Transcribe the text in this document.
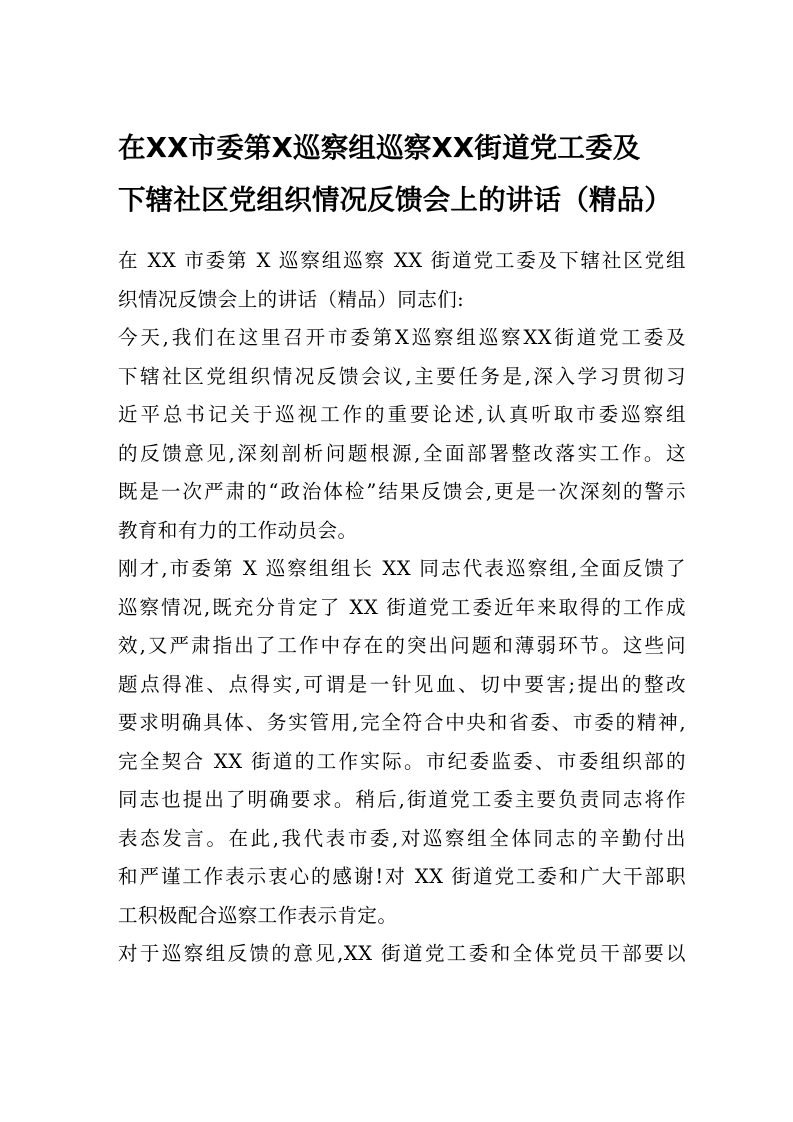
在XX市委第X巡察组巡察XX街道党工委及
下辖社区党组织情况反馈会上的讲话（精品）

在 XX 市委第 X 巡察组巡察 XX 街道党工委及下辖社区党组
织情况反馈会上的讲话（精品）同志们:

今天,我们在这里召开市委第X巡察组巡察XX街道党工委及
下辖社区党组织情况反馈会议,主要任务是,深入学习贯彻习
近平总书记关于巡视工作的重要论述,认真听取市委巡察组
的反馈意见,深刻剖析问题根源,全面部署整改落实工作。这
既是一次严肃的“政治体检”结果反馈会,更是一次深刻的警示
教育和有力的工作动员会。

刚才,市委第 X 巡察组组长 XX 同志代表巡察组,全面反馈了
巡察情况,既充分肯定了 XX 街道党工委近年来取得的工作成
效,又严肃指出了工作中存在的突出问题和薄弱环节。这些问
题点得准、点得实,可谓是一针见血、切中要害;提出的整改
要求明确具体、务实管用,完全符合中央和省委、市委的精神,
完全契合 XX 街道的工作实际。市纪委监委、市委组织部的
同志也提出了明确要求。稍后,街道党工委主要负责同志将作
表态发言。在此,我代表市委,对巡察组全体同志的辛勤付出
和严谨工作表示衷心的感谢!对 XX 街道党工委和广大干部职
工积极配合巡察工作表示肯定。

对于巡察组反馈的意见,XX 街道党工委和全体党员干部要以
